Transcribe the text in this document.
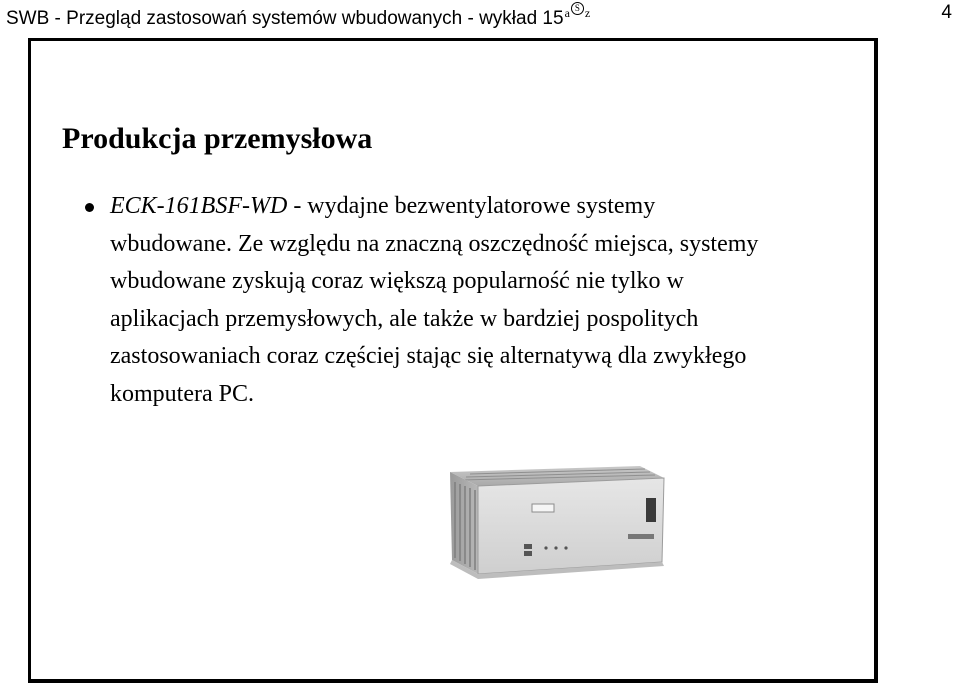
SWB - Przegląd zastosowań systemów wbudowanych - wykład $15^{a S z}$	4
Produkcja przemysłowa
ECK-161BSF-WD - wydajne bezwentylatorowe systemy
wbudowane. Ze względu na znaczną oszczędność miejsca, systemy
wbudowane zyskują coraz większą popularność nie tylko w
aplikacjach przemysłowych, ale także w bardziej pospolitych
zastosowaniach coraz częściej stając się alternatywą dla zwykłego
komputera PC.
